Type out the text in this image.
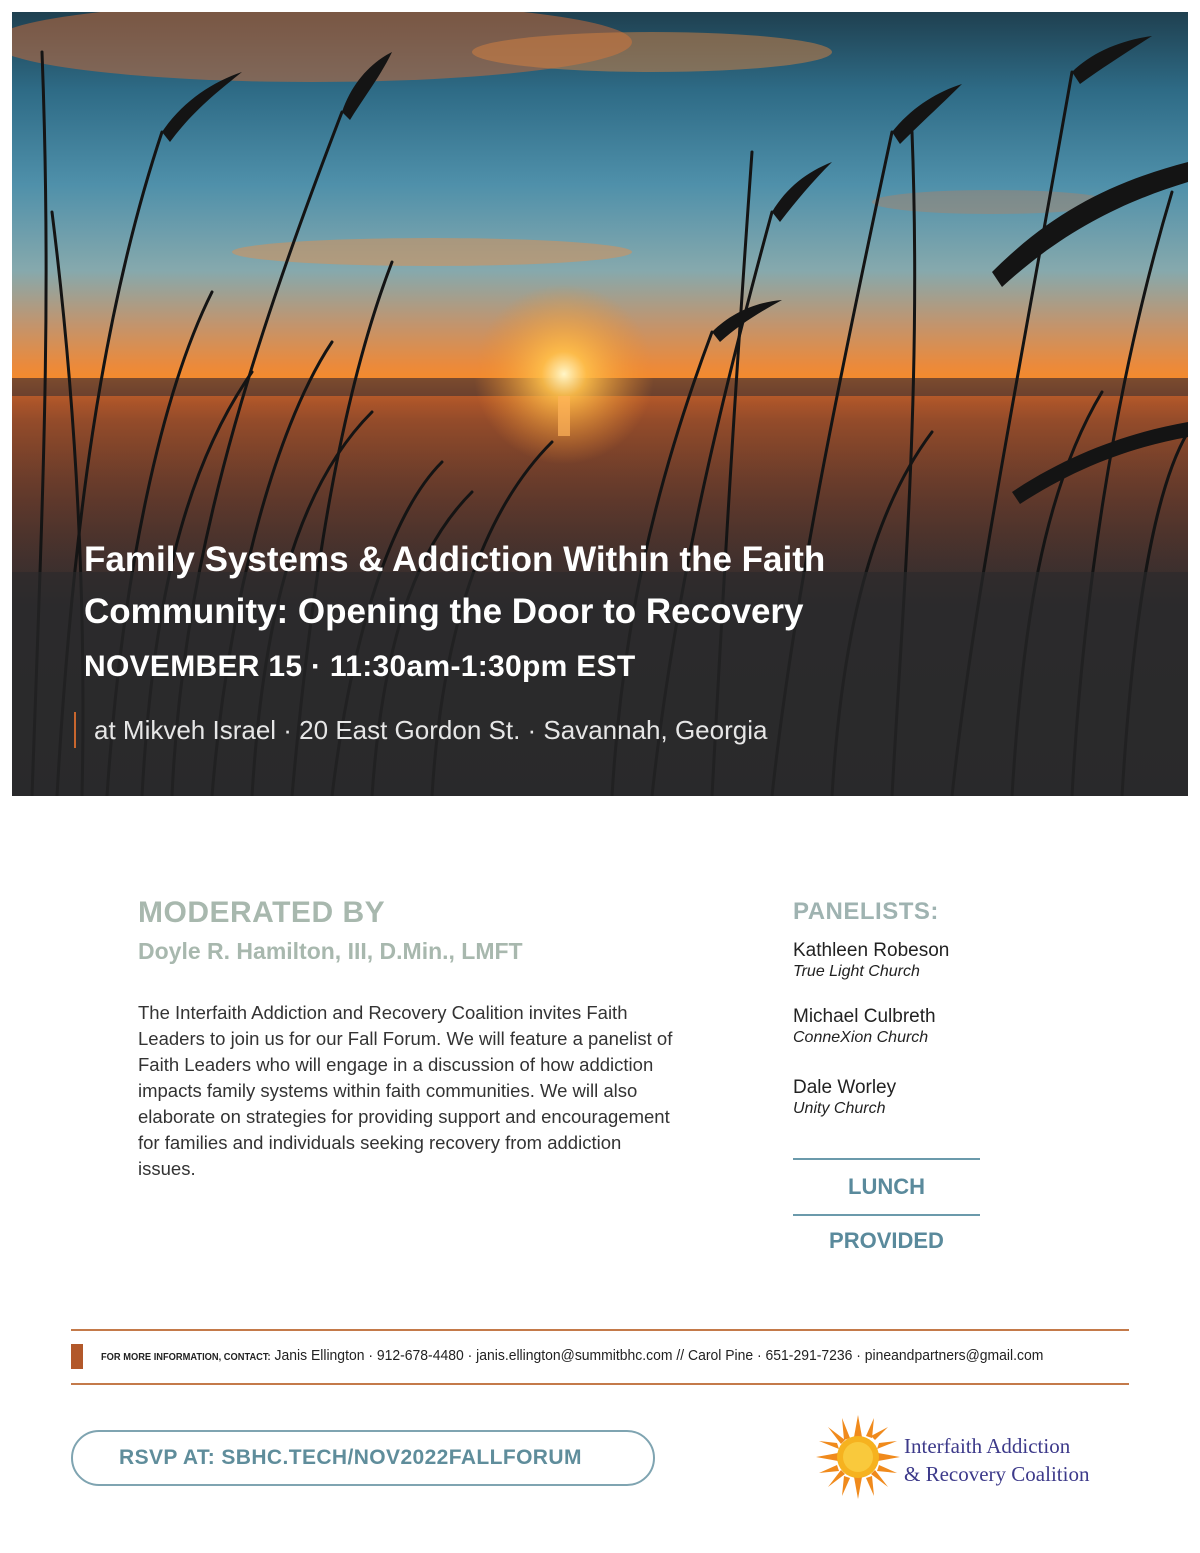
Family Systems & Addiction Within the Faith
Community: Opening the Door to Recovery
NOVEMBER 15 · 11:30am-1:30pm EST
at Mikveh Israel · 20 East Gordon St. · Savannah, Georgia
MODERATED BY
Doyle R. Hamilton, III, D.Min., LMFT

The Interfaith Addiction and Recovery Coalition invites Faith Leaders to join us for our Fall Forum. We will feature a panelist of Faith Leaders who will engage in a discussion of how addiction impacts family systems within faith communities. We will also elaborate on strategies for providing support and encouragement for families and individuals seeking recovery from addiction issues.

PANELISTS:
Kathleen Robeson
True Light Church
Michael Culbreth
ConneXion Church
Dale Worley
Unity Church
LUNCH PROVIDED
FOR MORE INFORMATION, CONTACT: Janis Ellington · 912-678-4480 · janis.ellington@summitbhc.com // Carol Pine · 651-291-7236 · pineandpartners@gmail.com
RSVP AT: SBHC.TECH/NOV2022FALLFORUM	Interfaith Addiction
& Recovery Coalition
